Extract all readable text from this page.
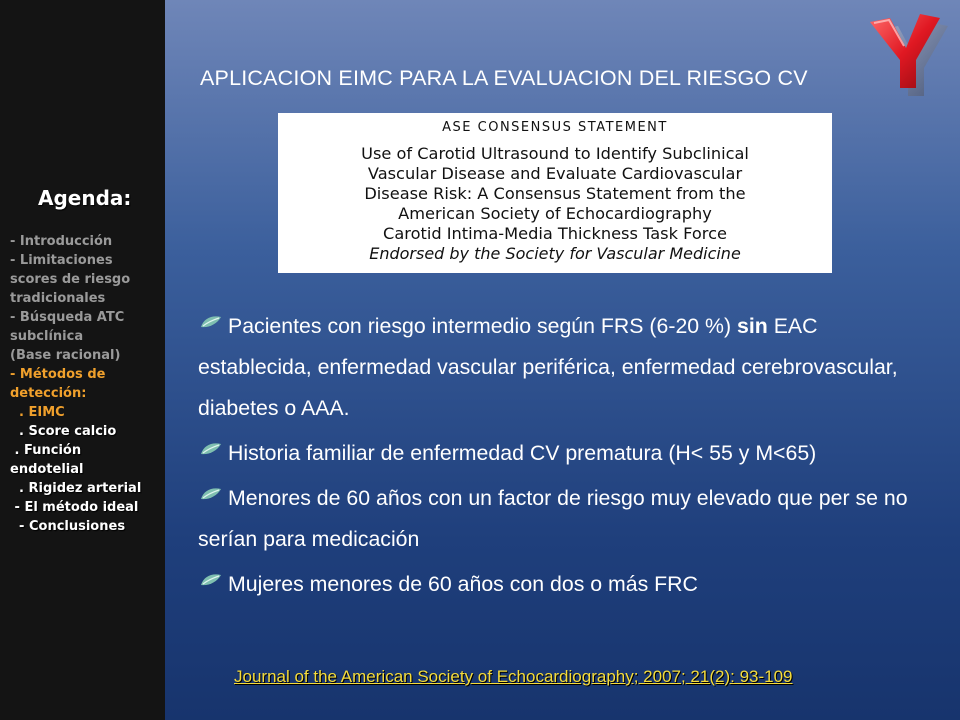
Agenda:
- Introducción
- Limitaciones
scores de riesgo
tradicionales
- Búsqueda ATC
subclínica
(Base racional)
- Métodos de
detección:
. EIMC
. Score calcio
. Función
endotelial
. Rigidez arterial
- El método ideal
- Conclusiones
APLICACION EIMC PARA LA EVALUACION DEL RIESGO CV
ASE CONSENSUS STATEMENT
Use of Carotid Ultrasound to Identify Subclinical
Vascular Disease and Evaluate Cardiovascular
Disease Risk: A Consensus Statement from the
American Society of Echocardiography
Carotid Intima-Media Thickness Task Force
Endorsed by the Society for Vascular Medicine
Pacientes con riesgo intermedio según FRS (6-20 %) sin EAC establecida, enfermedad vascular periférica, enfermedad cerebrovascular, diabetes o AAA.
Historia familiar de enfermedad CV prematura (H< 55 y M<65)
Menores de 60 años con un factor de riesgo muy elevado que per se no serían para medicación
Mujeres menores de 60 años con dos o más FRC
Journal of the American Society of Echocardiography; 2007; 21(2): 93-109
